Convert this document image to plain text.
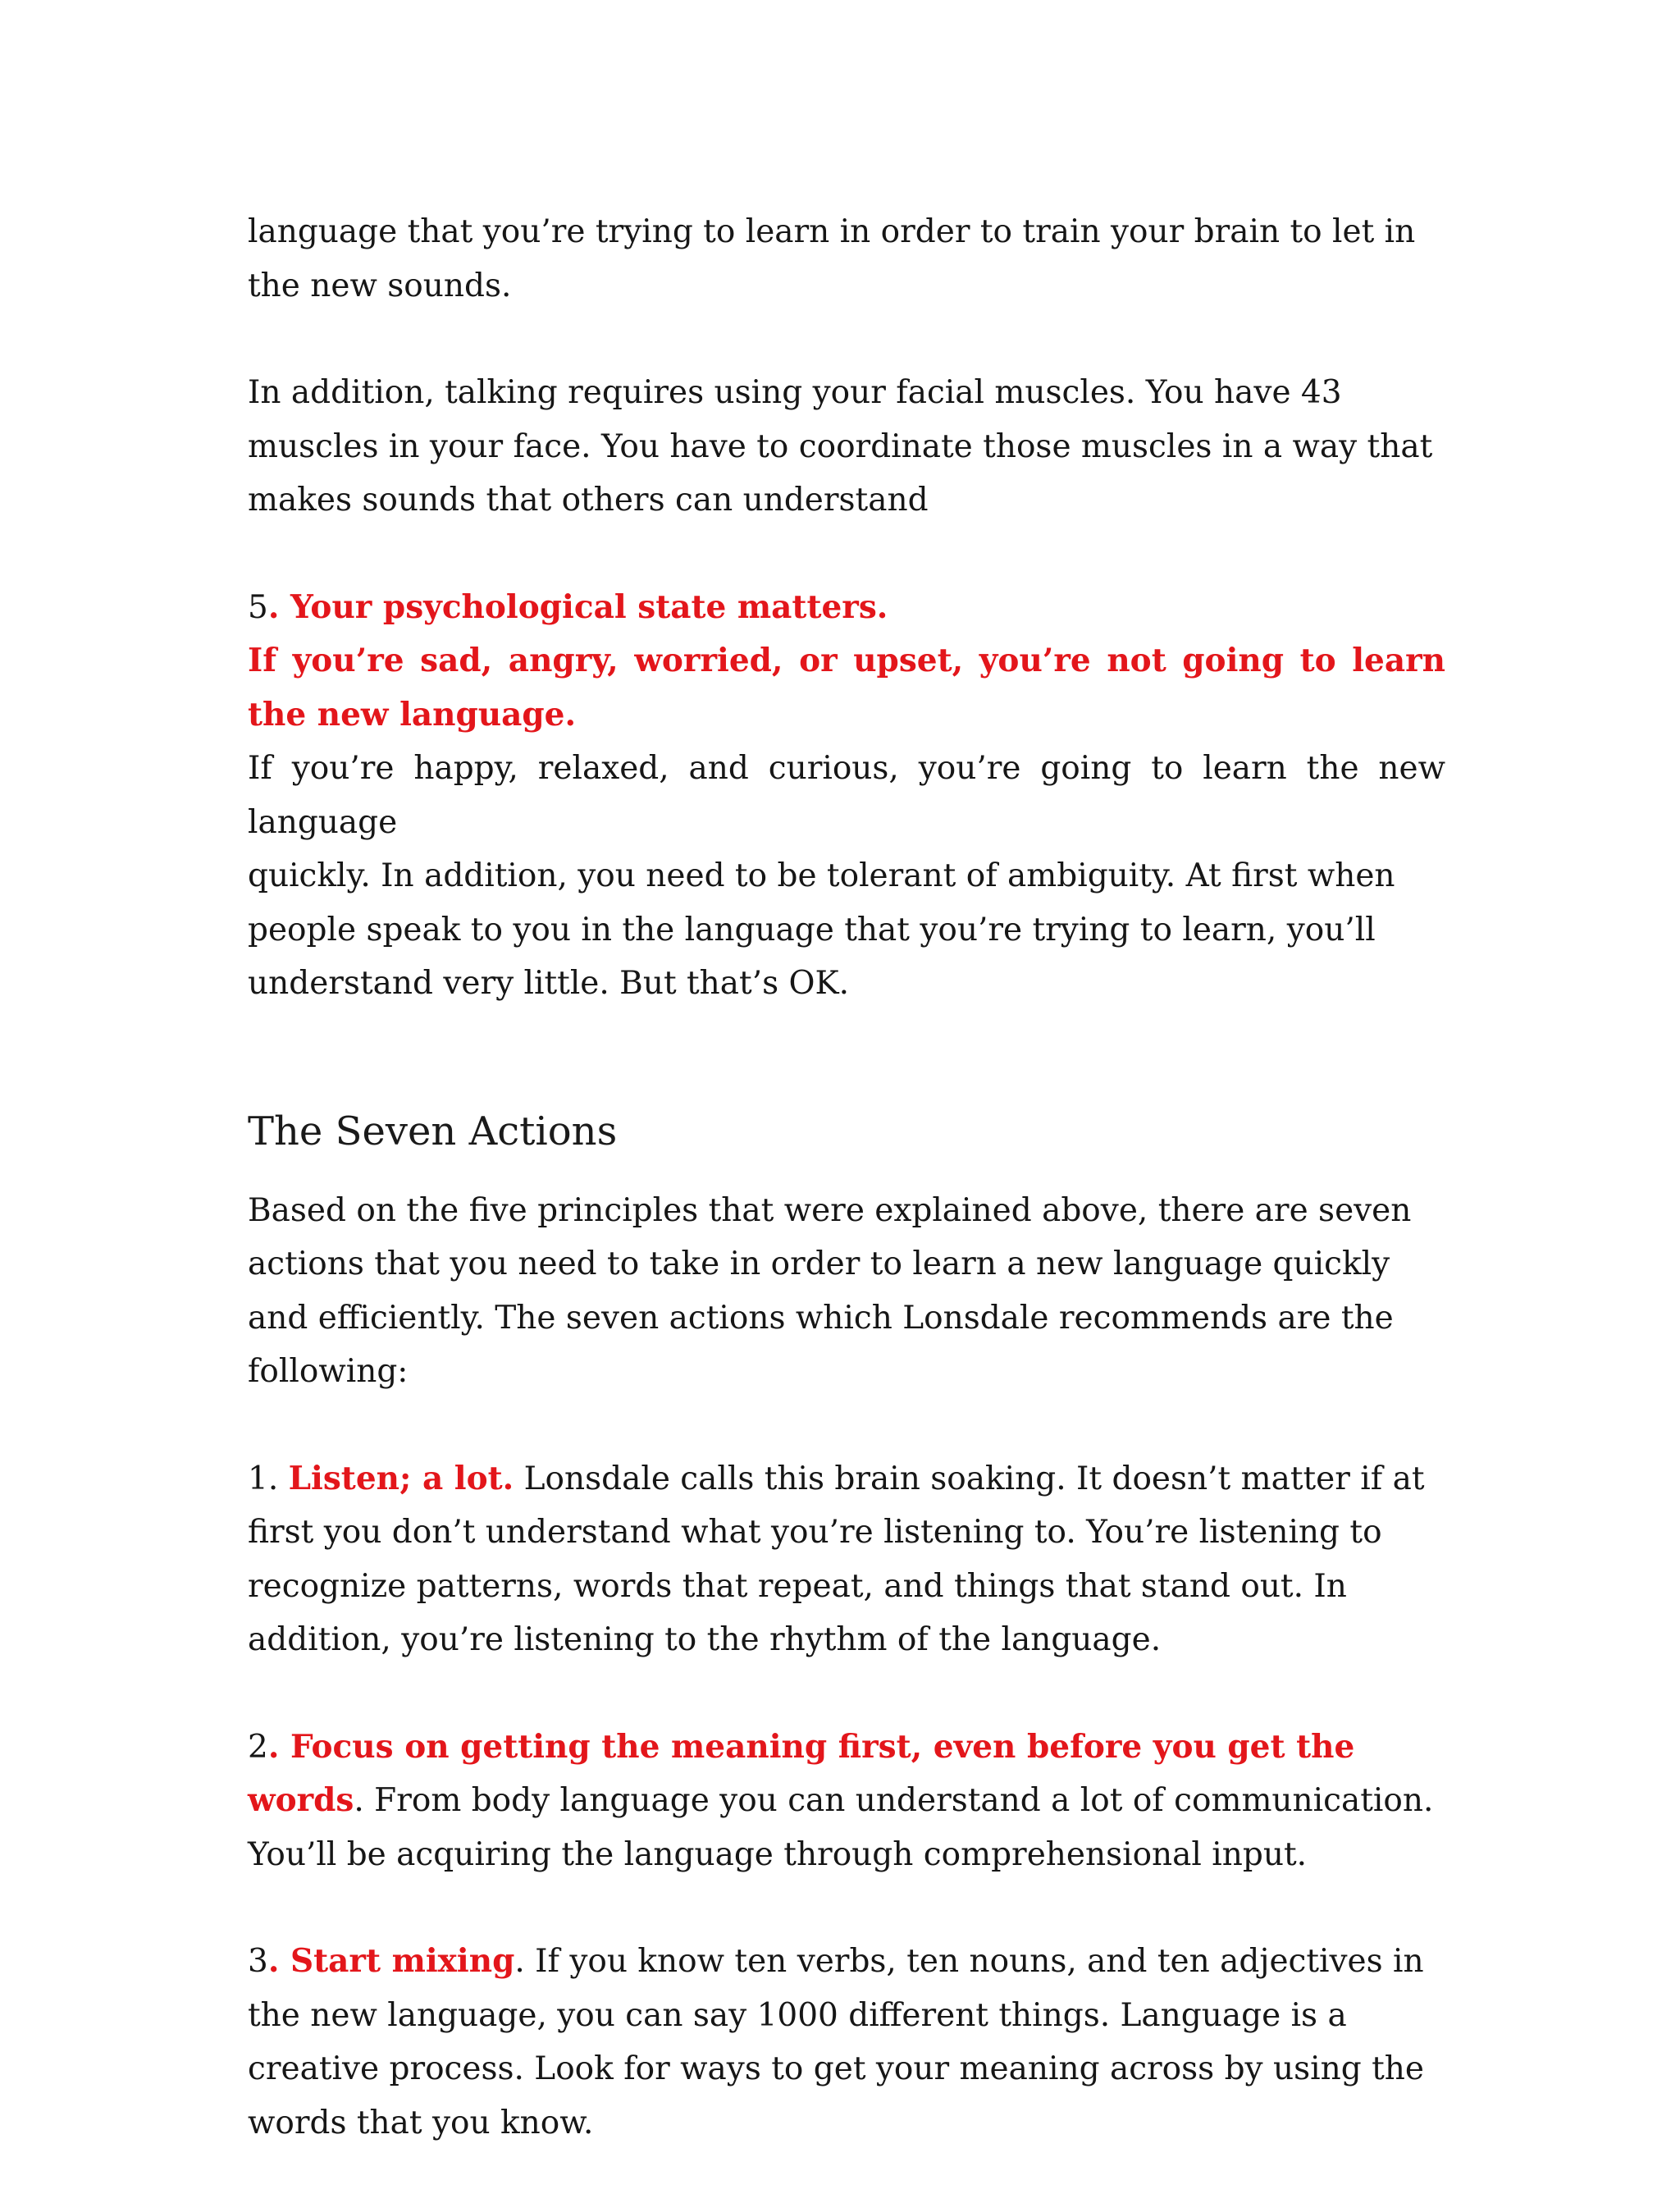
language that you’re trying to learn in order to train your brain to let in the new sounds.

In addition, talking requires using your facial muscles. You have 43 muscles in your face. You have to coordinate those muscles in a way that makes sounds that others can understand

5. Your psychological state matters.

If you’re sad, angry, worried, or upset, you’re not going to learn

the new language.

If you’re happy, relaxed, and curious, you’re going to learn the new language

quickly. In addition, you need to be tolerant of ambiguity. At first when people speak to you in the language that you’re trying to learn, you’ll understand very little. But that’s OK.

The Seven Actions

Based on the five principles that were explained above, there are seven actions that you need to take in order to learn a new language quickly and efficiently. The seven actions which Lonsdale recommends are the following:

1. Listen; a lot. Lonsdale calls this brain soaking. It doesn’t matter if at first you don’t understand what you’re listening to. You’re listening to recognize patterns, words that repeat, and things that stand out. In addition, you’re listening to the rhythm of the language.

2. Focus on getting the meaning first, even before you get the words. From body language you can understand a lot of communication. You’ll be acquiring the language through comprehensional input.

3. Start mixing. If you know ten verbs, ten nouns, and ten adjectives in the new language, you can say 1000 different things. Language is a creative process. Look for ways to get your meaning across by using the words that you know.
